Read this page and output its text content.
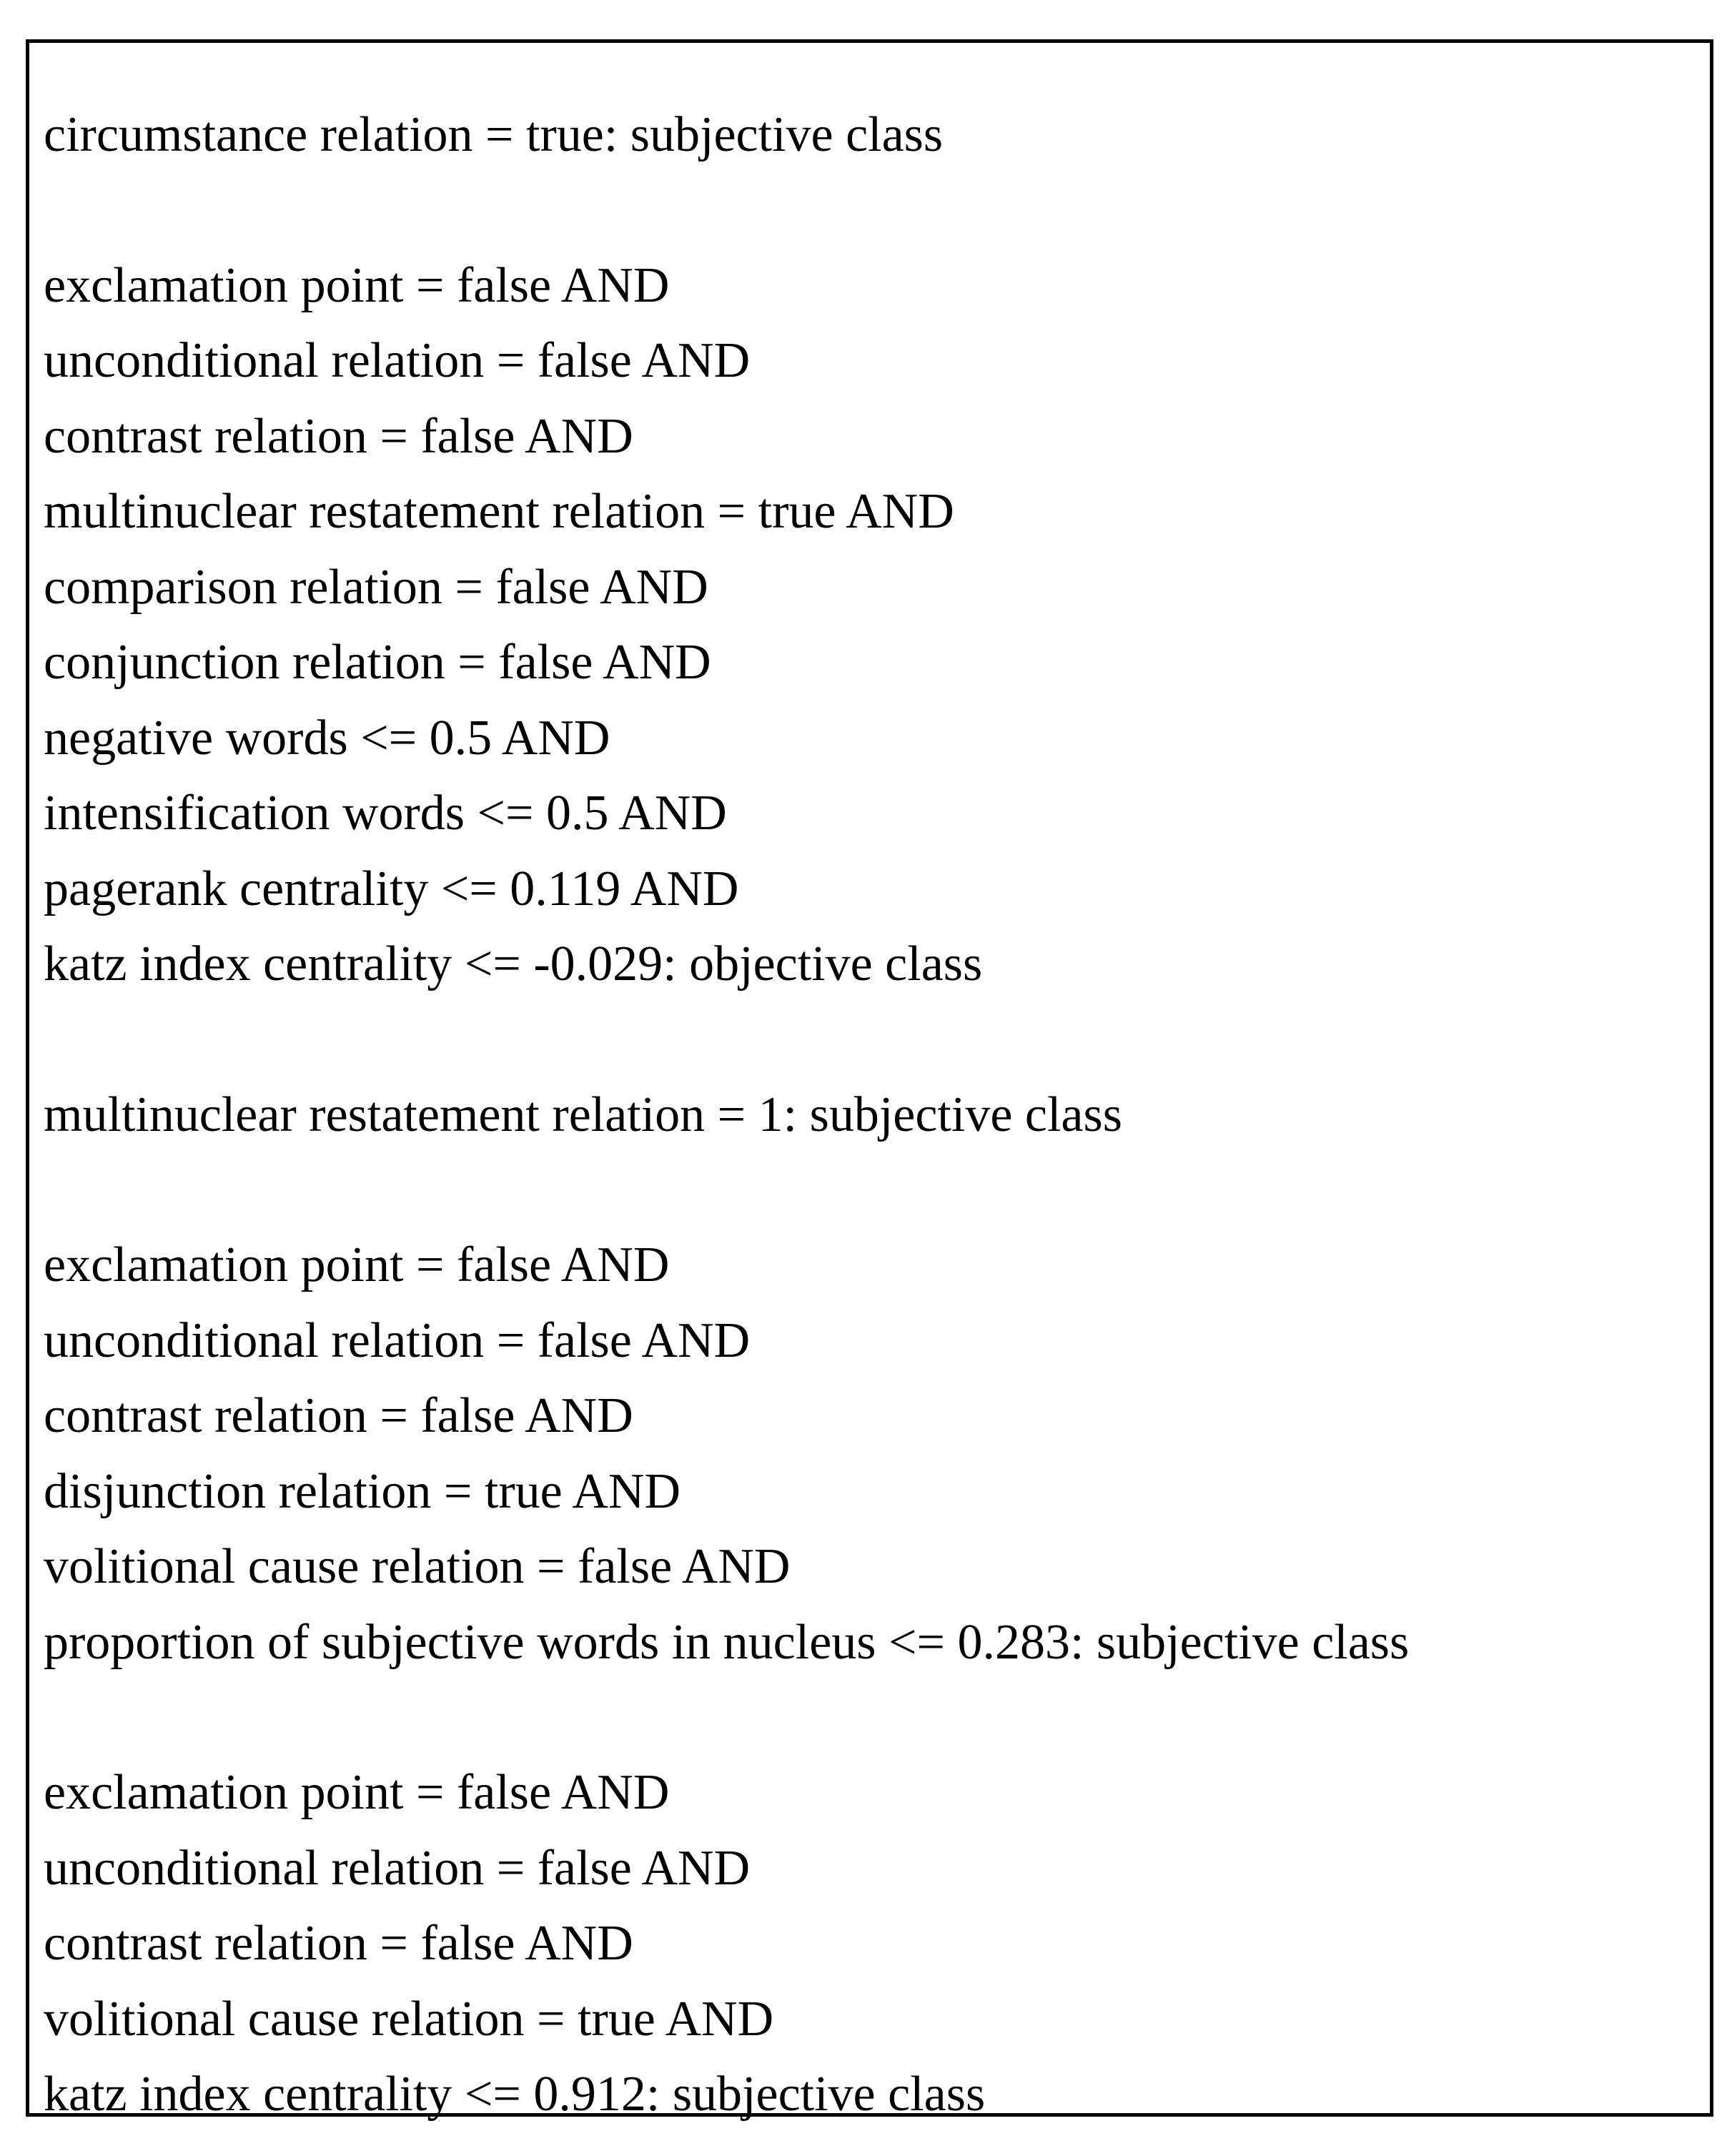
circumstance relation = true: subjective class
exclamation point = false AND
unconditional relation = false AND
contrast relation = false AND
multinuclear restatement relation = true AND
comparison relation = false AND
conjunction relation = false AND
negative words <= 0.5 AND
intensification words <= 0.5 AND
pagerank centrality <= 0.119 AND
katz index centrality <= -0.029: objective class
multinuclear restatement relation = 1: subjective class
exclamation point = false AND
unconditional relation = false AND
contrast relation = false AND
disjunction relation = true AND
volitional cause relation = false AND
proportion of subjective words in nucleus <= 0.283: subjective class
exclamation point = false AND
unconditional relation = false AND
contrast relation = false AND
volitional cause relation = true AND
katz index centrality <= 0.912: subjective class
